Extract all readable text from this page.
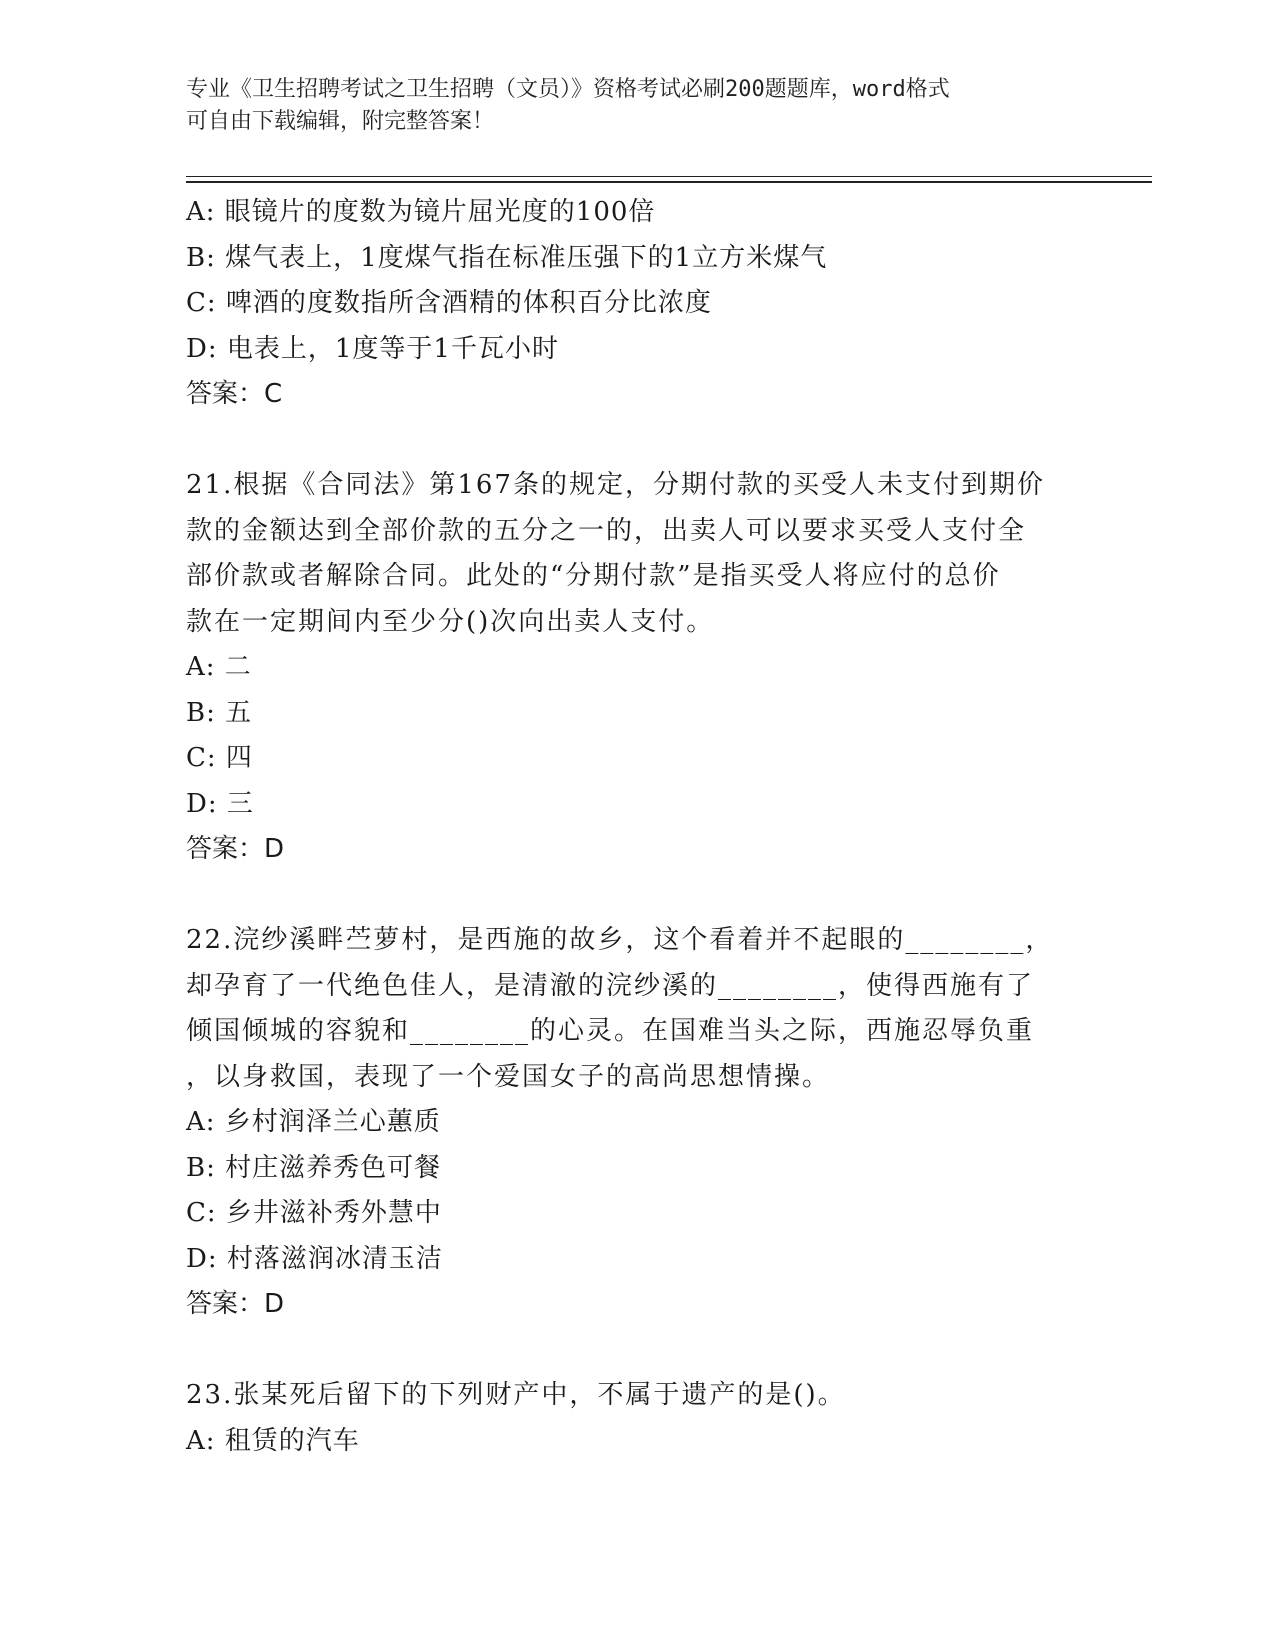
专业《卫生招聘考试之卫生招聘（文员）》资格考试必刷200题题库，word格式
可自由下载编辑，附完整答案！
A: 眼镜片的度数为镜片屈光度的100倍
B: 煤气表上，1度煤气指在标准压强下的1立方米煤气
C: 啤酒的度数指所含酒精的体积百分比浓度
D: 电表上，1度等于1千瓦小时
答案：C
21.根据《合同法》第167条的规定，分期付款的买受人未支付到期价
款的金额达到全部价款的五分之一的，出卖人可以要求买受人支付全
部价款或者解除合同。此处的“分期付款”是指买受人将应付的总价
款在一定期间内至少分()次向出卖人支付。
A: 二
B: 五
C: 四
D: 三
答案：D
22.浣纱溪畔苎萝村，是西施的故乡，这个看着并不起眼的________，
却孕育了一代绝色佳人，是清澈的浣纱溪的________，使得西施有了
倾国倾城的容貌和________的心灵。在国难当头之际，西施忍辱负重
，以身救国，表现了一个爱国女子的高尚思想情操。
A: 乡村润泽兰心蕙质
B: 村庄滋养秀色可餐
C: 乡井滋补秀外慧中
D: 村落滋润冰清玉洁
答案：D
23.张某死后留下的下列财产中，不属于遗产的是()。
A: 租赁的汽车
